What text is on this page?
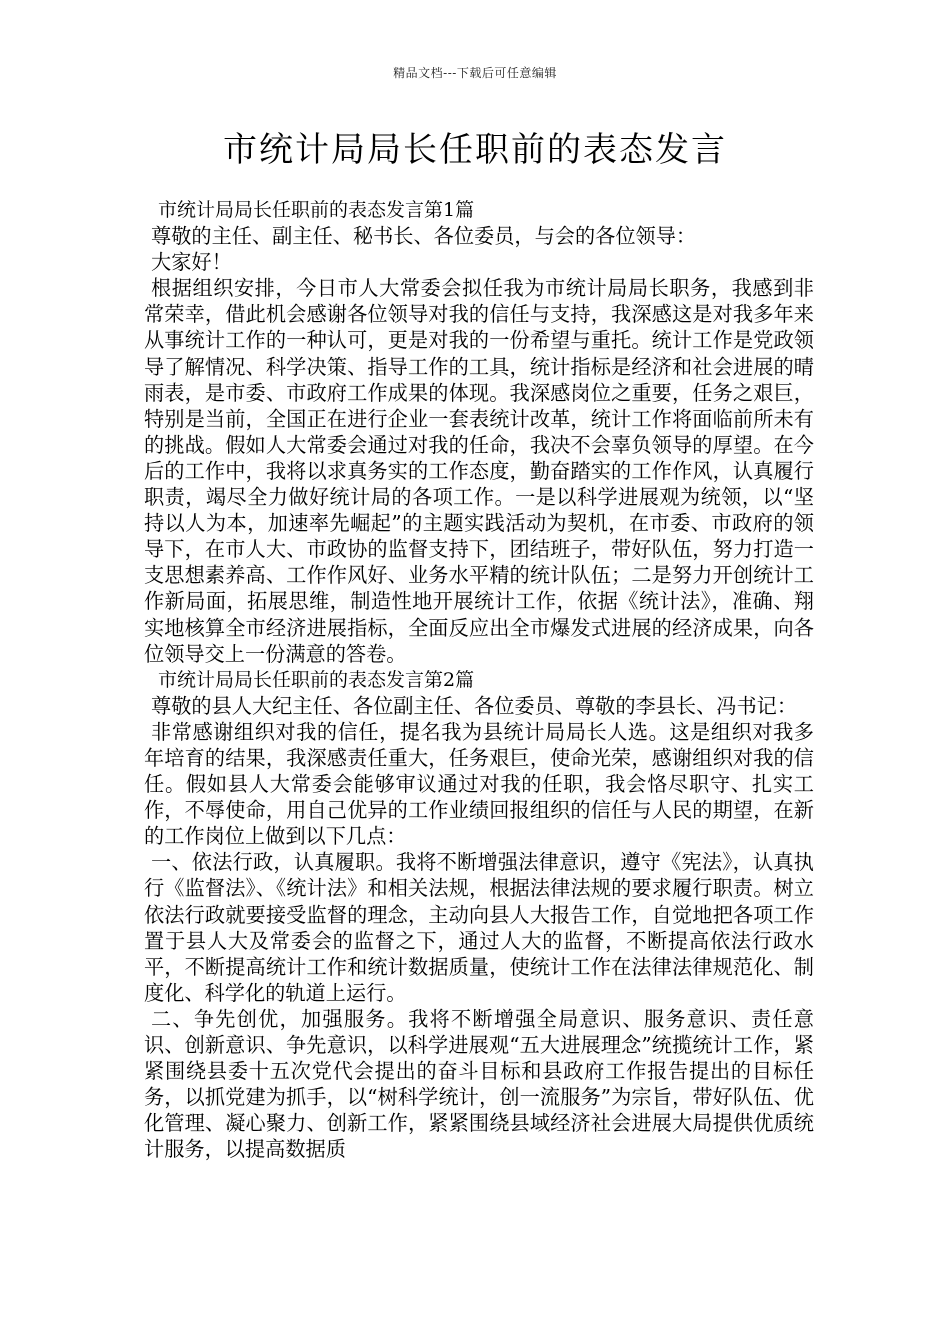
精品文档---下载后可任意编辑
市统计局局长任职前的表态发言

市统计局局长任职前的表态发言第1篇

尊敬的主任、副主任、秘书长、各位委员，与会的各位领导：

大家好！

根据组织安排，今日市人大常委会拟任我为市统计局局长职务，我感到非常荣幸，借此机会感谢各位领导对我的信任与支持，我深感这是对我多年来从事统计工作的一种认可，更是对我的一份希望与重托。统计工作是党政领导了解情况、科学决策、指导工作的工具，统计指标是经济和社会进展的晴雨表，是市委、市政府工作成果的体现。我深感岗位之重要，任务之艰巨，特别是当前，全国正在进行企业一套表统计改革，统计工作将面临前所未有的挑战。假如人大常委会通过对我的任命，我决不会辜负领导的厚望。在今后的工作中，我将以求真务实的工作态度，勤奋踏实的工作作风，认真履行职责，竭尽全力做好统计局的各项工作。一是以科学进展观为统领，以“坚持以人为本，加速率先崛起”的主题实践活动为契机，在市委、市政府的领导下，在市人大、市政协的监督支持下，团结班子，带好队伍，努力打造一支思想素养高、工作作风好、业务水平精的统计队伍；二是努力开创统计工作新局面，拓展思维，制造性地开展统计工作，依据《统计法》，准确、翔实地核算全市经济进展指标，全面反应出全市爆发式进展的经济成果，向各位领导交上一份满意的答卷。

市统计局局长任职前的表态发言第2篇

尊敬的县人大纪主任、各位副主任、各位委员、尊敬的李县长、冯书记：

非常感谢组织对我的信任，提名我为县统计局局长人选。这是组织对我多年培育的结果，我深感责任重大，任务艰巨，使命光荣，感谢组织对我的信任。假如县人大常委会能够审议通过对我的任职，我会恪尽职守、扎实工作，不辱使命，用自己优异的工作业绩回报组织的信任与人民的期望，在新的工作岗位上做到以下几点：

一、依法行政，认真履职。我将不断增强法律意识，遵守《宪法》，认真执行《监督法》、《统计法》和相关法规，根据法律法规的要求履行职责。树立依法行政就要接受监督的理念，主动向县人大报告工作，自觉地把各项工作置于县人大及常委会的监督之下，通过人大的监督，不断提高依法行政水平，不断提高统计工作和统计数据质量，使统计工作在法律法律规范化、制度化、科学化的轨道上运行。

二、争先创优，加强服务。我将不断增强全局意识、服务意识、责任意识、创新意识、争先意识，以科学进展观“五大进展理念”统揽统计工作，紧紧围绕县委十五次党代会提出的奋斗目标和县政府工作报告提出的目标任务，以抓党建为抓手，以“树科学统计，创一流服务”为宗旨，带好队伍、优化管理、凝心聚力、创新工作，紧紧围绕县域经济社会进展大局提供优质统计服务，以提高数据质
